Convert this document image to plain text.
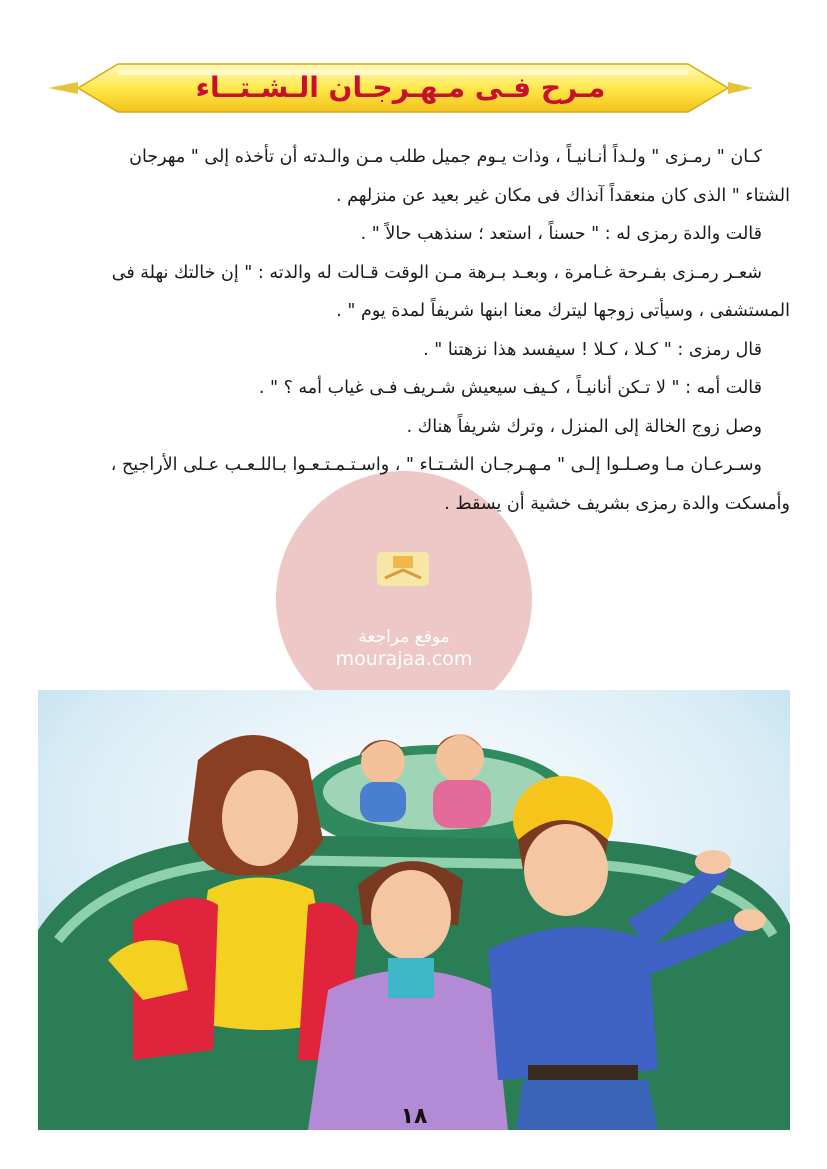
مـرح فـى مـهـرجـان الـشـتــاء
موقع مراجعة
mourajaa.com

كـان " رمـزى " ولـداً أنـانيـاً ، وذات يـوم جميل طلب مـن والـدته أن تأخذه إلى " مهرجان

الشتاء " الذى كان منعقداً آنذاك فى مكان غير بعيد عن منزلهم .

قالت والدة رمزى له : " حسناً ، استعد ؛ سنذهب حالاً " .

شعـر رمـزى بفـرحة غـامرة ، وبعـد بـرهة مـن الوقت قـالت له والدته : " إن خالتك نهلة فى

المستشفى ، وسيأتى زوجها ليترك معنا ابنها شريفاً لمدة يوم " .

قال رمزى : " كـلا ، كـلا ! سيفسد هذا نزهتنا " .

قالت أمه : " لا تـكن أنانيـاً ، كـيف سيعيش شـريف فـى غياب أمه ؟ " .

وصل زوج الخالة إلى المنزل ، وترك شريفاً هناك .

وسـرعـان مـا وصـلـوا إلـى " مـهـرجـان الشـتـاء " ، واسـتـمـتـعـوا بـاللـعـب عـلى الأراجيح ،

وأمسكت والدة رمزى بشريف خشية أن يسقط .

١٨
